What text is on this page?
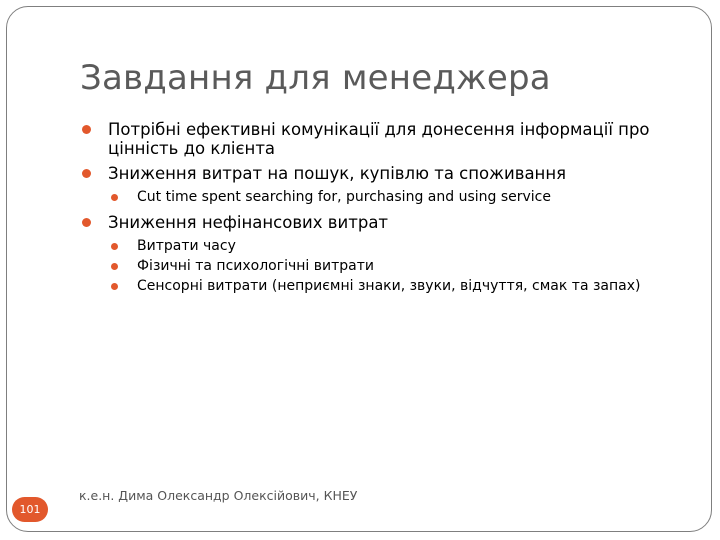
Завдання для менеджера
Потрібні ефективні комунікації для донесення інформації про цінність до клієнта
Зниження витрат на пошук, купівлю та споживання
Cut time spent searching for, purchasing and using service
Зниження нефінансових витрат
Витрати часу
Фізичні та психологічні витрати
Сенсорні витрати (неприємні знаки, звуки, відчуття, смак та запах)
101
к.е.н. Дима Олександр Олексійович, КНЕУ
